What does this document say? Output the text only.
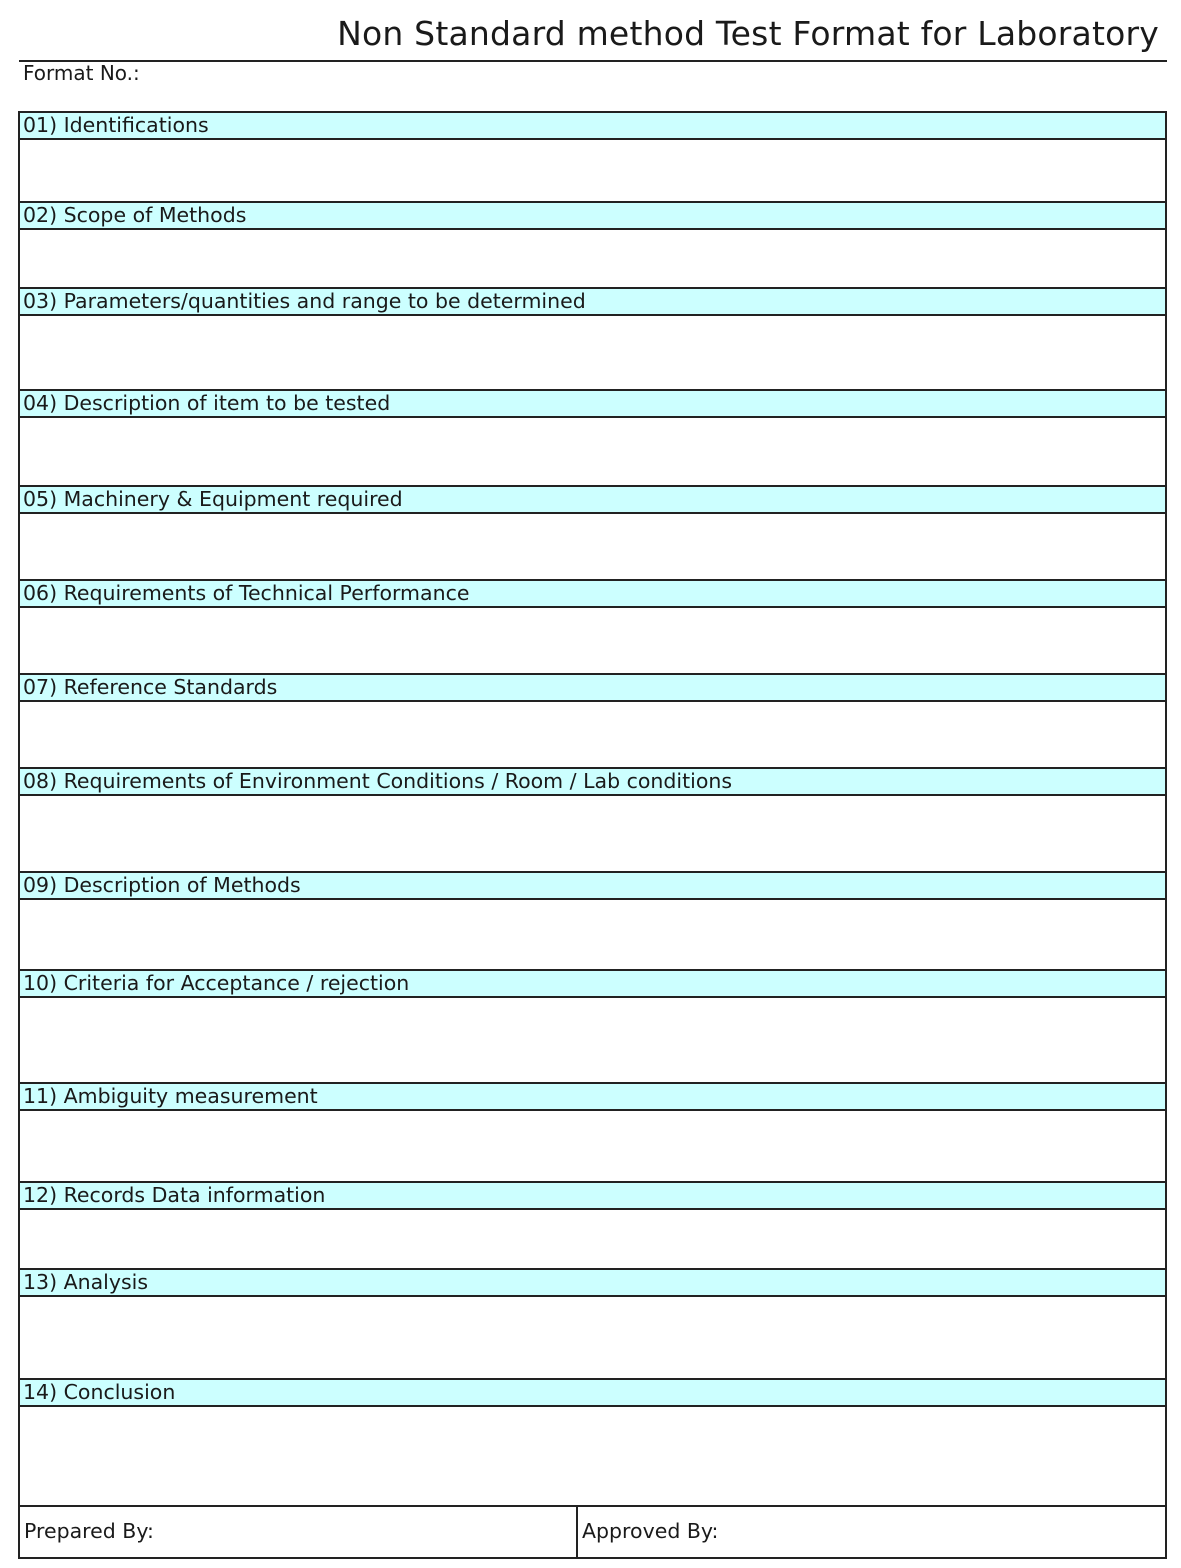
Non Standard method Test Format for Laboratory
Format No.:
01) Identifications
02) Scope of Methods
03) Parameters/quantities and range to be determined
04) Description of item to be tested
05) Machinery & Equipment required
06) Requirements of Technical Performance
07) Reference Standards
08) Requirements of Environment Conditions / Room / Lab conditions
09) Description of Methods
10) Criteria for Acceptance / rejection
11) Ambiguity measurement
12) Records Data information
13) Analysis
14) Conclusion
Prepared By:	Approved By:
